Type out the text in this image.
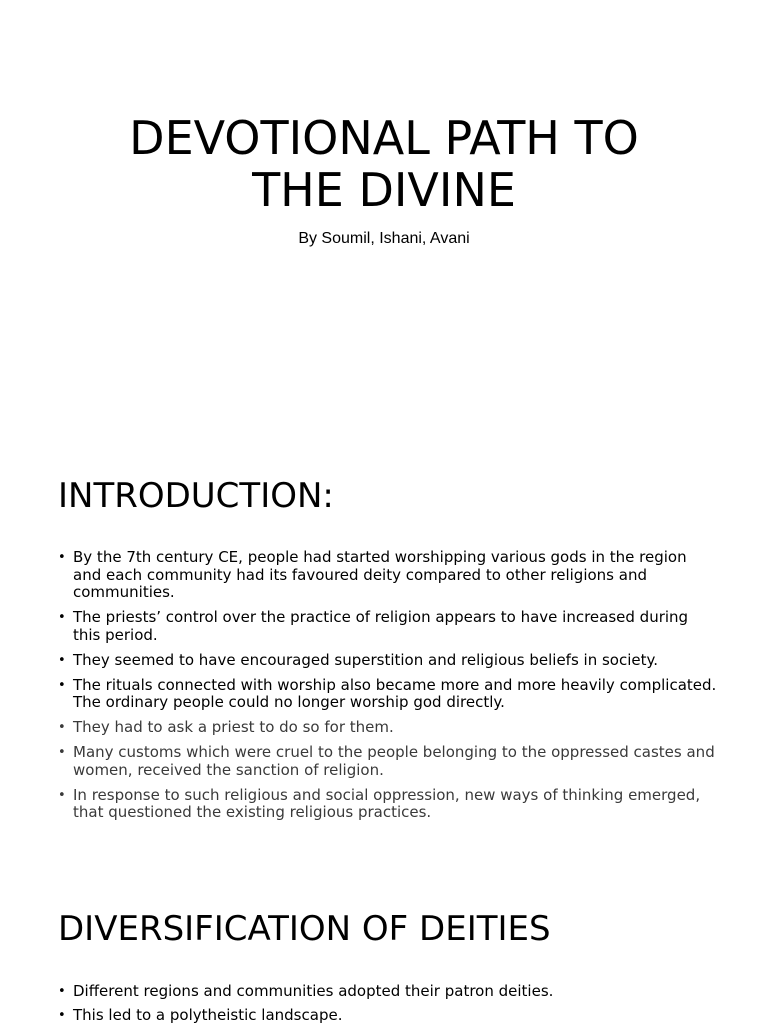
DEVOTIONAL PATH TO
THE DIVINE

By Soumil, Ishani, Avani

INTRODUCTION:
• By the 7th century CE, people had started worshipping various gods in the region and each community had its favoured deity compared to other religions and communities.
• The priests’ control over the practice of religion appears to have increased during this period.
• They seemed to have encouraged superstition and religious beliefs in society.
• The rituals connected with worship also became more and more heavily complicated. The ordinary people could no longer worship god directly.
• They had to ask a priest to do so for them.
• Many customs which were cruel to the people belonging to the oppressed castes and women, received the sanction of religion.
• In response to such religious and social oppression, new ways of thinking emerged, that questioned the existing religious practices.
DIVERSIFICATION OF DEITIES
• Different regions and communities adopted their patron deities.
• This led to a polytheistic landscape.
